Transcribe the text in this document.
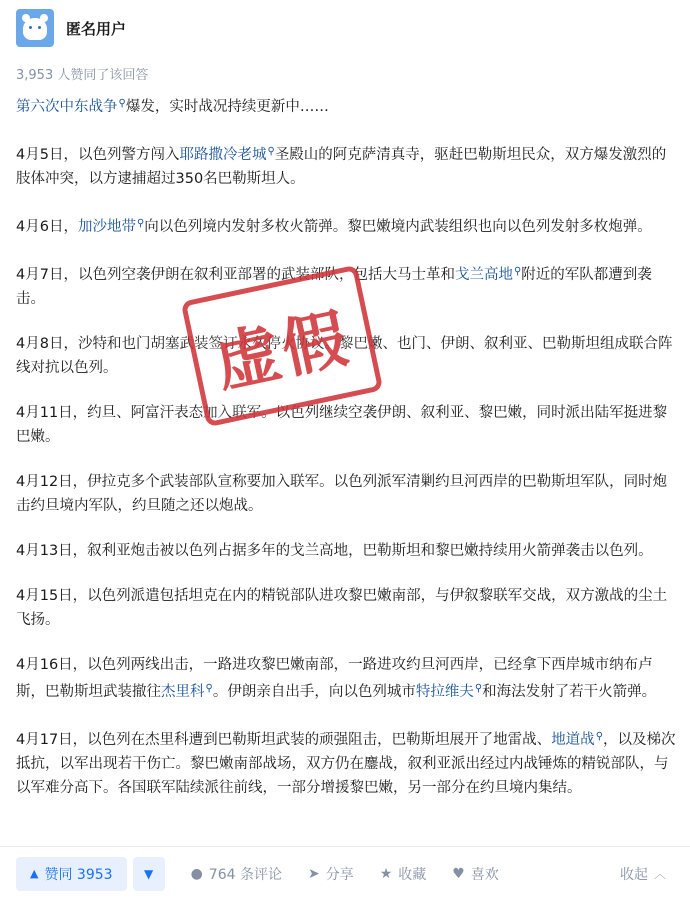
匿名用户
3,953 人赞同了该回答

第六次中东战争⚲爆发，实时战况持续更新中……

4月5日，以色列警方闯入耶路撒冷老城⚲圣殿山的阿克萨清真寺，驱赶巴勒斯坦民众，双方爆发激烈的肢体冲突，以方逮捕超过350名巴勒斯坦人。

4月6日，加沙地带⚲向以色列境内发射多枚火箭弹。黎巴嫩境内武装组织也向以色列发射多枚炮弹。

4月7日，以色列空袭伊朗在叙利亚部署的武装部队，包括大马士革和戈兰高地⚲附近的军队都遭到袭击。

4月8日，沙特和也门胡塞武装签订永久停火协议。黎巴嫩、也门、伊朗、叙利亚、巴勒斯坦组成联合阵线对抗以色列。

4月11日，约旦、阿富汗表态加入联军。以色列继续空袭伊朗、叙利亚、黎巴嫩，同时派出陆军挺进黎巴嫩。

4月12日，伊拉克多个武装部队宣称要加入联军。以色列派军清剿约旦河西岸的巴勒斯坦军队，同时炮击约旦境内军队，约旦随之还以炮战。

4月13日，叙利亚炮击被以色列占据多年的戈兰高地，巴勒斯坦和黎巴嫩持续用火箭弹袭击以色列。

4月15日，以色列派遣包括坦克在内的精锐部队进攻黎巴嫩南部，与伊叙黎联军交战，双方激战的尘土飞扬。

4月16日，以色列两线出击，一路进攻黎巴嫩南部，一路进攻约旦河西岸，已经拿下西岸城市纳布卢斯，巴勒斯坦武装撤往杰里科⚲。伊朗亲自出手，向以色列城市特拉维夫⚲和海法发射了若干火箭弹。

4月17日，以色列在杰里科遭到巴勒斯坦武装的顽强阻击，巴勒斯坦展开了地雷战、地道战⚲，以及梯次抵抗，以军出现若干伤亡。黎巴嫩南部战场，双方仍在鏖战，叙利亚派出经过内战锤炼的精锐部队，与以军难分高下。各国联军陆续派往前线，一部分增援黎巴嫩，另一部分在约旦境内集结。

虚假
▲ 赞同 3953	▼	● 764 条评论 ➤ 分享 ★ 收藏 ♥ 喜欢	收起 ︿
